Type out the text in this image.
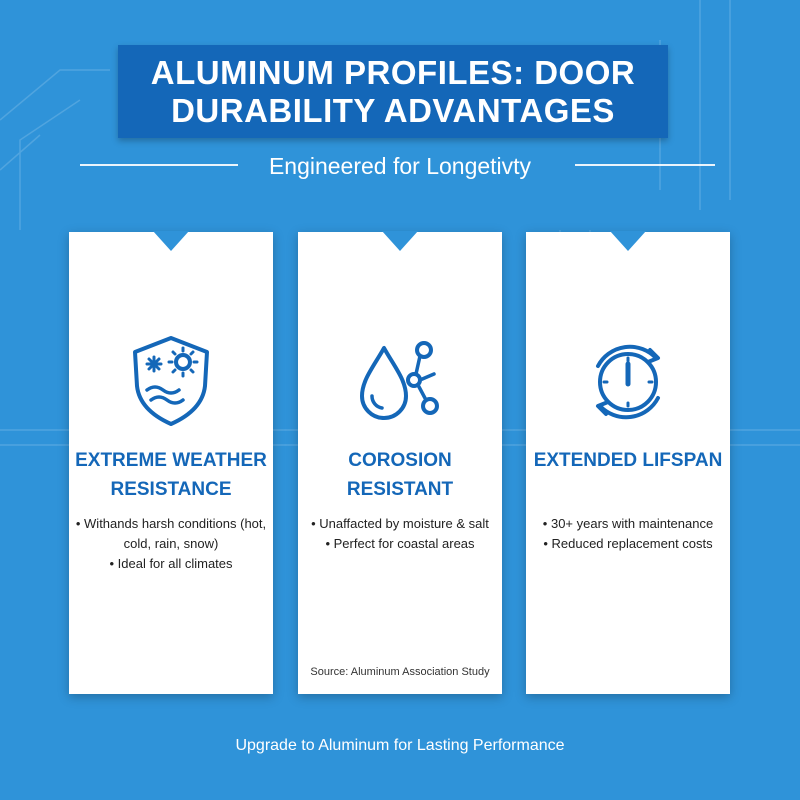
ALUMINUM PROFILES: DOOR DURABILITY ADVANTAGES
Engineered for Longetivty
EXTREME WEATHER RESISTANCE
• Withands harsh conditions (hot, cold, rain, snow)
• Ideal for all climates
COROSION RESISTANT
• Unaffacted by moisture & salt
• Perfect for coastal areas
Source: Aluminum Association Study
EXTENDED LIFSPAN
• 30+ years with maintenance
• Reduced replacement costs
Upgrade to Aluminum for Lasting Performance
